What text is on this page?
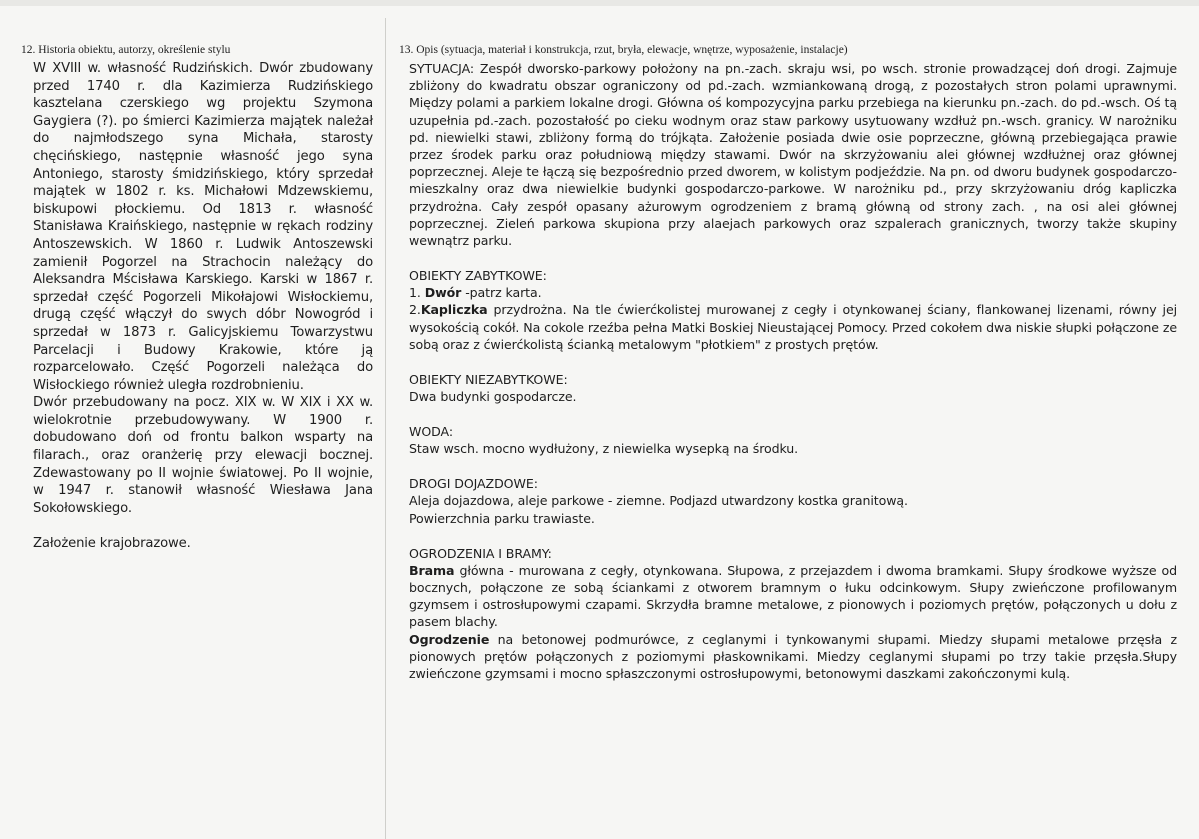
12. Historia obiektu, autorzy, określenie stylu

W XVIII w. własność Rudzińskich. Dwór zbudowany przed 1740 r. dla Kazimierza Rudzińskiego kasztelana czerskiego wg projektu Szymona Gaygiera (?). po śmierci Kazimierza majątek należał do najmłodszego syna Michała, starosty chęcińskiego, następnie własność jego syna Antoniego, starosty śmidzińskiego, który sprzedał majątek w 1802 r. ks. Michałowi Mdzewskiemu, biskupowi płockiemu. Od 1813 r. własność Stanisława Kraińskiego, następnie w rękach rodziny Antoszewskich. W 1860 r. Ludwik Antoszewski zamienił Pogorzel na Strachocin należący do Aleksandra Mścisława Karskiego. Karski w 1867 r. sprzedał część Pogorzeli Mikołajowi Wisłockiemu, drugą część włączył do swych dóbr Nowogród i sprzedał w 1873 r. Galicyjskiemu Towarzystwu Parcelacji i Budowy Krakowie, które ją rozparcelowało. Część Pogorzeli należąca do Wisłockiego również uległa rozdrobnieniu.

Dwór przebudowany na pocz. XIX w. W XIX i XX w. wielokrotnie przebudowywany. W 1900 r. dobudowano doń od frontu balkon wsparty na filarach., oraz oranżerię przy elewacji bocznej. Zdewastowany po II wojnie światowej. Po II wojnie, w 1947 r. stanowił własność Wiesława Jana Sokołowskiego.

Założenie krajobrazowe.

13. Opis (sytuacja, materiał i konstrukcja, rzut, bryła, elewacje, wnętrze, wyposażenie, instalacje)

SYTUACJA: Zespół dworsko-parkowy położony na pn.-zach. skraju wsi, po wsch. stronie prowadzącej doń drogi. Zajmuje zbliżony do kwadratu obszar ograniczony od pd.-zach. wzmiankowaną drogą, z pozostałych stron polami uprawnymi. Między polami a parkiem lokalne drogi. Główna oś kompozycyjna parku przebiega na kierunku pn.-zach. do pd.-wsch. Oś tą uzupełnia pd.-zach. pozostałość po cieku wodnym oraz staw parkowy usytuowany wzdłuż pn.-wsch. granicy. W narożniku pd. niewielki stawi, zbliżony formą do trójkąta. Założenie posiada dwie osie poprzeczne, główną przebiegająca prawie przez środek parku oraz południową między stawami. Dwór na skrzyżowaniu alei głównej wzdłużnej oraz głównej poprzecznej. Aleje te łączą się bezpośrednio przed dworem, w kolistym podjeździe. Na pn. od dworu budynek gospodarczo-mieszkalny oraz dwa niewielkie budynki gospodarczo-parkowe. W narożniku pd., przy skrzyżowaniu dróg kapliczka przydrożna. Cały zespół opasany ażurowym ogrodzeniem z bramą główną od strony zach. , na osi alei głównej poprzecznej. Zieleń parkowa skupiona przy alaejach parkowych oraz szpalerach granicznych, tworzy także skupiny wewnątrz parku.

OBIEKTY ZABYTKOWE:

1. Dwór -patrz karta.

2.Kapliczka przydrożna. Na tle ćwierćkolistej murowanej z cegły i otynkowanej ściany, flankowanej lizenami, równy jej wysokością cokół. Na cokole rzeźba pełna Matki Boskiej Nieustającej Pomocy. Przed cokołem dwa niskie słupki połączone ze sobą oraz z ćwierćkolistą ścianką metalowym "płotkiem" z prostych prętów.

OBIEKTY NIEZABYTKOWE:

Dwa budynki gospodarcze.

WODA:

Staw wsch. mocno wydłużony, z niewielka wysepką na środku.

DROGI DOJAZDOWE:

Aleja dojazdowa, aleje parkowe - ziemne. Podjazd utwardzony kostka granitową.

Powierzchnia parku trawiaste.

OGRODZENIA I BRAMY:

Brama główna - murowana z cegły, otynkowana. Słupowa, z przejazdem i dwoma bramkami. Słupy środkowe wyższe od bocznych, połączone ze sobą ściankami z otworem bramnym o łuku odcinkowym. Słupy zwieńczone profilowanym gzymsem i ostrosłupowymi czapami. Skrzydła bramne metalowe, z pionowych i poziomych prętów, połączonych u dołu z pasem blachy.

Ogrodzenie na betonowej podmurówce, z ceglanymi i tynkowanymi słupami. Miedzy słupami metalowe przęsła z pionowych prętów połączonych z poziomymi płaskownikami. Miedzy ceglanymi słupami po trzy takie przęsła.Słupy zwieńczone gzymsami i mocno spłaszczonymi ostrosłupowymi, betonowymi daszkami zakończonymi kulą.
